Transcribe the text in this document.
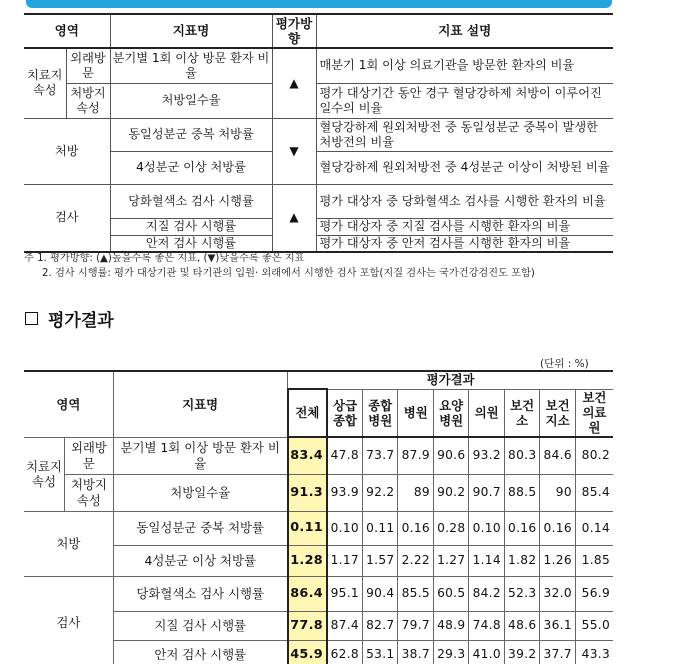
영역		지표명	평가방향	지표 설명
치료지속성	외래방문	분기별 1회 이상 방문 환자 비율	▲	매분기 1회 이상 의료기관을 방문한 환자의 비율
	처방지속성	처방일수율		평가 대상기간 동안 경구 혈당강하제 처방이 이루어진 일수의 비율
처방		동일성분군 중복 처방률	▼	혈당강하제 원외처방전 중 동일성분군 중복이 발생한 처방전의 비율
		4성분군 이상 처방률		혈당강하제 원외처방전 중 4성분군 이상이 처방된 비율
검사		당화혈색소 검사 시행률	▲	평가 대상자 중 당화혈색소 검사를 시행한 환자의 비율
		지질 검사 시행률		평가 대상자 중 지질 검사를 시행한 환자의 비율
		안저 검사 시행률		평가 대상자 중 안저 검사를 시행한 환자의 비율
주 1. 평가방향: (▲)높을수록 좋은 지표, (▼)낮을수록 좋은 지표
2. 검사 시행률: 평가 대상기관 및 타기관의 입원· 외래에서 시행한 검사 포함(지질 검사는 국가건강검진도 포함)
평가결과
(단위 : %)
영역		지표명	평가결과								
			전체	상급종합	종합병원	병원	요양병원	의원	보건소	보건지소	보건의료원
치료지속성	외래방문	분기별 1회 이상 방문 환자 비율	83.4	47.8	73.7	87.9	90.6	93.2	80.3	84.6	80.2
	처방지속성	처방일수율	91.3	93.9	92.2	89	90.2	90.7	88.5	90	85.4
처방		동일성분군 중복 처방률	0.11	0.10	0.11	0.16	0.28	0.10	0.16	0.16	0.14
		4성분군 이상 처방률	1.28	1.17	1.57	2.22	1.27	1.14	1.82	1.26	1.85
검사		당화혈색소 검사 시행률	86.4	95.1	90.4	85.5	60.5	84.2	52.3	32.0	56.9
		지질 검사 시행률	77.8	87.4	82.7	79.7	48.9	74.8	48.6	36.1	55.0
		안저 검사 시행률	45.9	62.8	53.1	38.7	29.3	41.0	39.2	37.7	43.3
